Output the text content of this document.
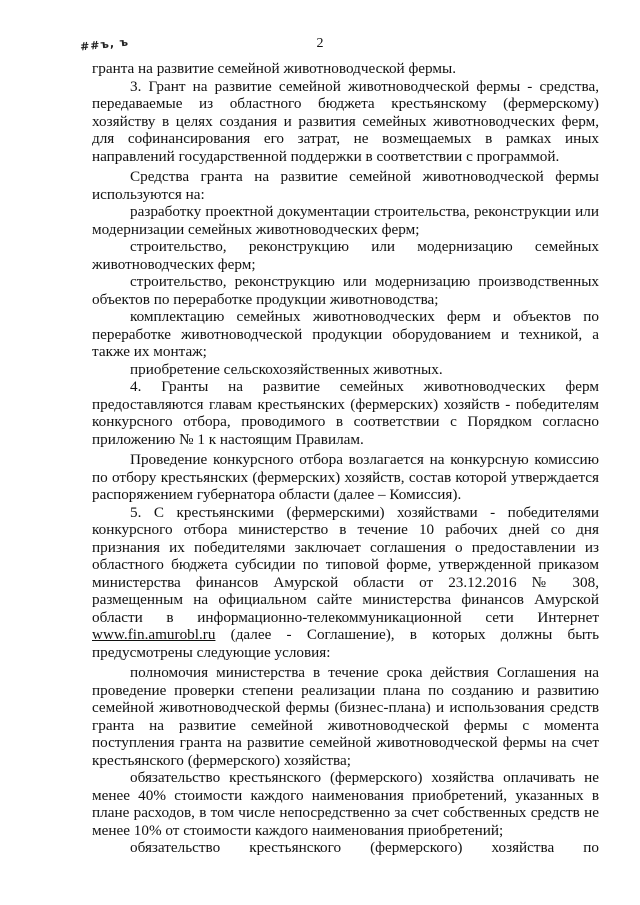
##ъ, ъ	2

гранта на развитие семейной животноводческой фермы.

3. Грант на развитие семейной животноводческой фермы - средства, передаваемые из областного бюджета крестьянскому (фермерскому) хозяйству в целях создания и развития семейных животноводческих ферм, для софинансирования его затрат, не возмещаемых в рамках иных направлений государственной поддержки в соответствии с программой.

Средства гранта на развитие семейной животноводческой фермы используются на:

разработку проектной документации строительства, реконструкции или модернизации семейных животноводческих ферм;

строительство, реконструкцию или модернизацию семейных животноводческих ферм;

строительство, реконструкцию или модернизацию производственных объектов по переработке продукции животноводства;

комплектацию семейных животноводческих ферм и объектов по переработке животноводческой продукции оборудованием и техникой, а также их монтаж;

приобретение сельскохозяйственных животных.

4. Гранты на развитие семейных животноводческих ферм предоставляются главам крестьянских (фермерских) хозяйств - победителям конкурсного отбора, проводимого в соответствии с Порядком согласно приложению № 1 к настоящим Правилам.

Проведение конкурсного отбора возлагается на конкурсную комиссию по отбору крестьянских (фермерских) хозяйств, состав которой утверждается распоряжением губернатора области (далее – Комиссия).

5. С крестьянскими (фермерскими) хозяйствами - победителями конкурсного отбора министерство в течение 10 рабочих дней со дня признания их победителями заключает соглашения о предоставлении из областного бюджета субсидии по типовой форме, утвержденной приказом министерства финансов Амурской области от 23.12.2016 № 308, размещенным на официальном сайте министерства финансов Амурской области в информационно-телекоммуникационной сети Интернет www.fin.amurobl.ru (далее - Соглашение), в которых должны быть предусмотрены следующие условия:

полномочия министерства в течение срока действия Соглашения на проведение проверки степени реализации плана по созданию и развитию семейной животноводческой фермы (бизнес-плана) и использования средств гранта на развитие семейной животноводческой фермы с момента поступления гранта на развитие семейной животноводческой фермы на счет крестьянского (фермерского) хозяйства;

обязательство крестьянского (фермерского) хозяйства оплачивать не менее 40% стоимости каждого наименования приобретений, указанных в плане расходов, в том числе непосредственно за счет собственных средств не менее 10% от стоимости каждого наименования приобретений;

обязательство крестьянского (фермерского) хозяйства по
